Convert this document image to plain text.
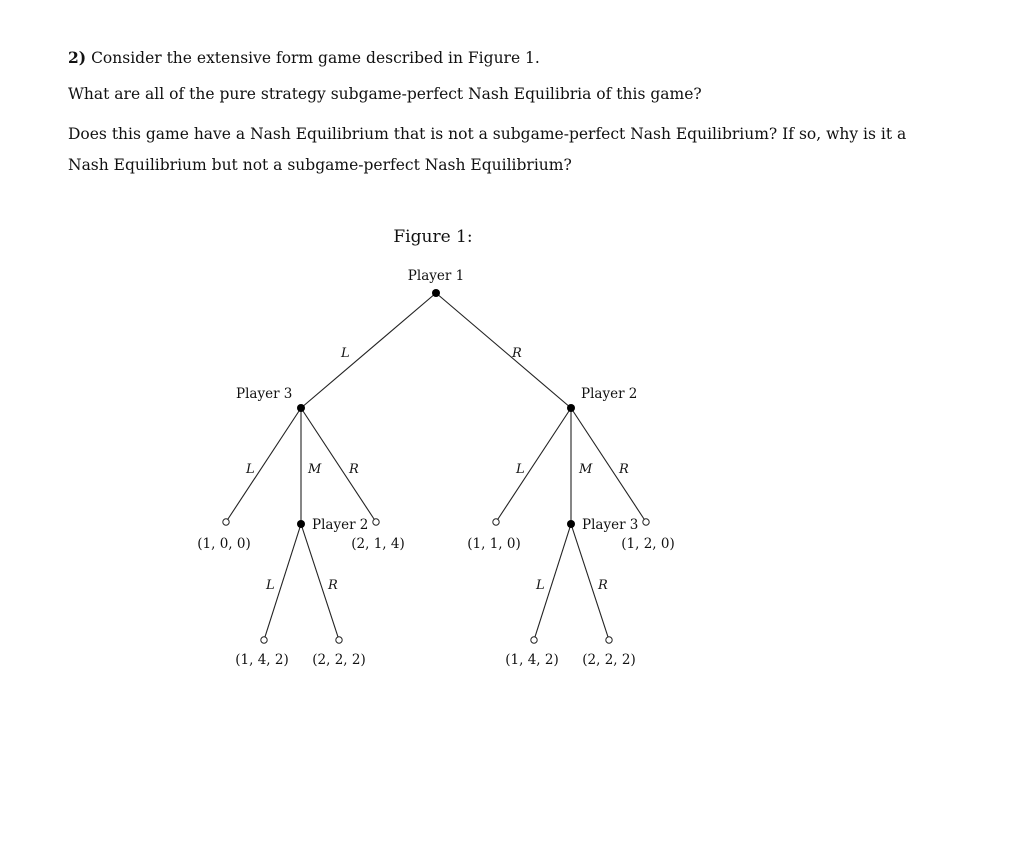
2) Consider the extensive form game described in Figure 1.

What are all of the pure strategy subgame-perfect Nash Equilibria of this game?

Does this game have a Nash Equilibrium that is not a subgame-perfect Nash Equilibrium? If so, why is it a Nash Equilibrium but not a subgame-perfect Nash Equilibrium?

Figure 1:
Player 1
Player 3	Player 2
Player 2	Player 3
L	R
L	M R	L	M R
L	R	L	R
(1, 0, 0)	(2, 1, 4)
(1, 4, 2) (2, 2, 2)
(1, 1, 0)	(1, 2, 0)
(1, 4, 2) (2, 2, 2)
